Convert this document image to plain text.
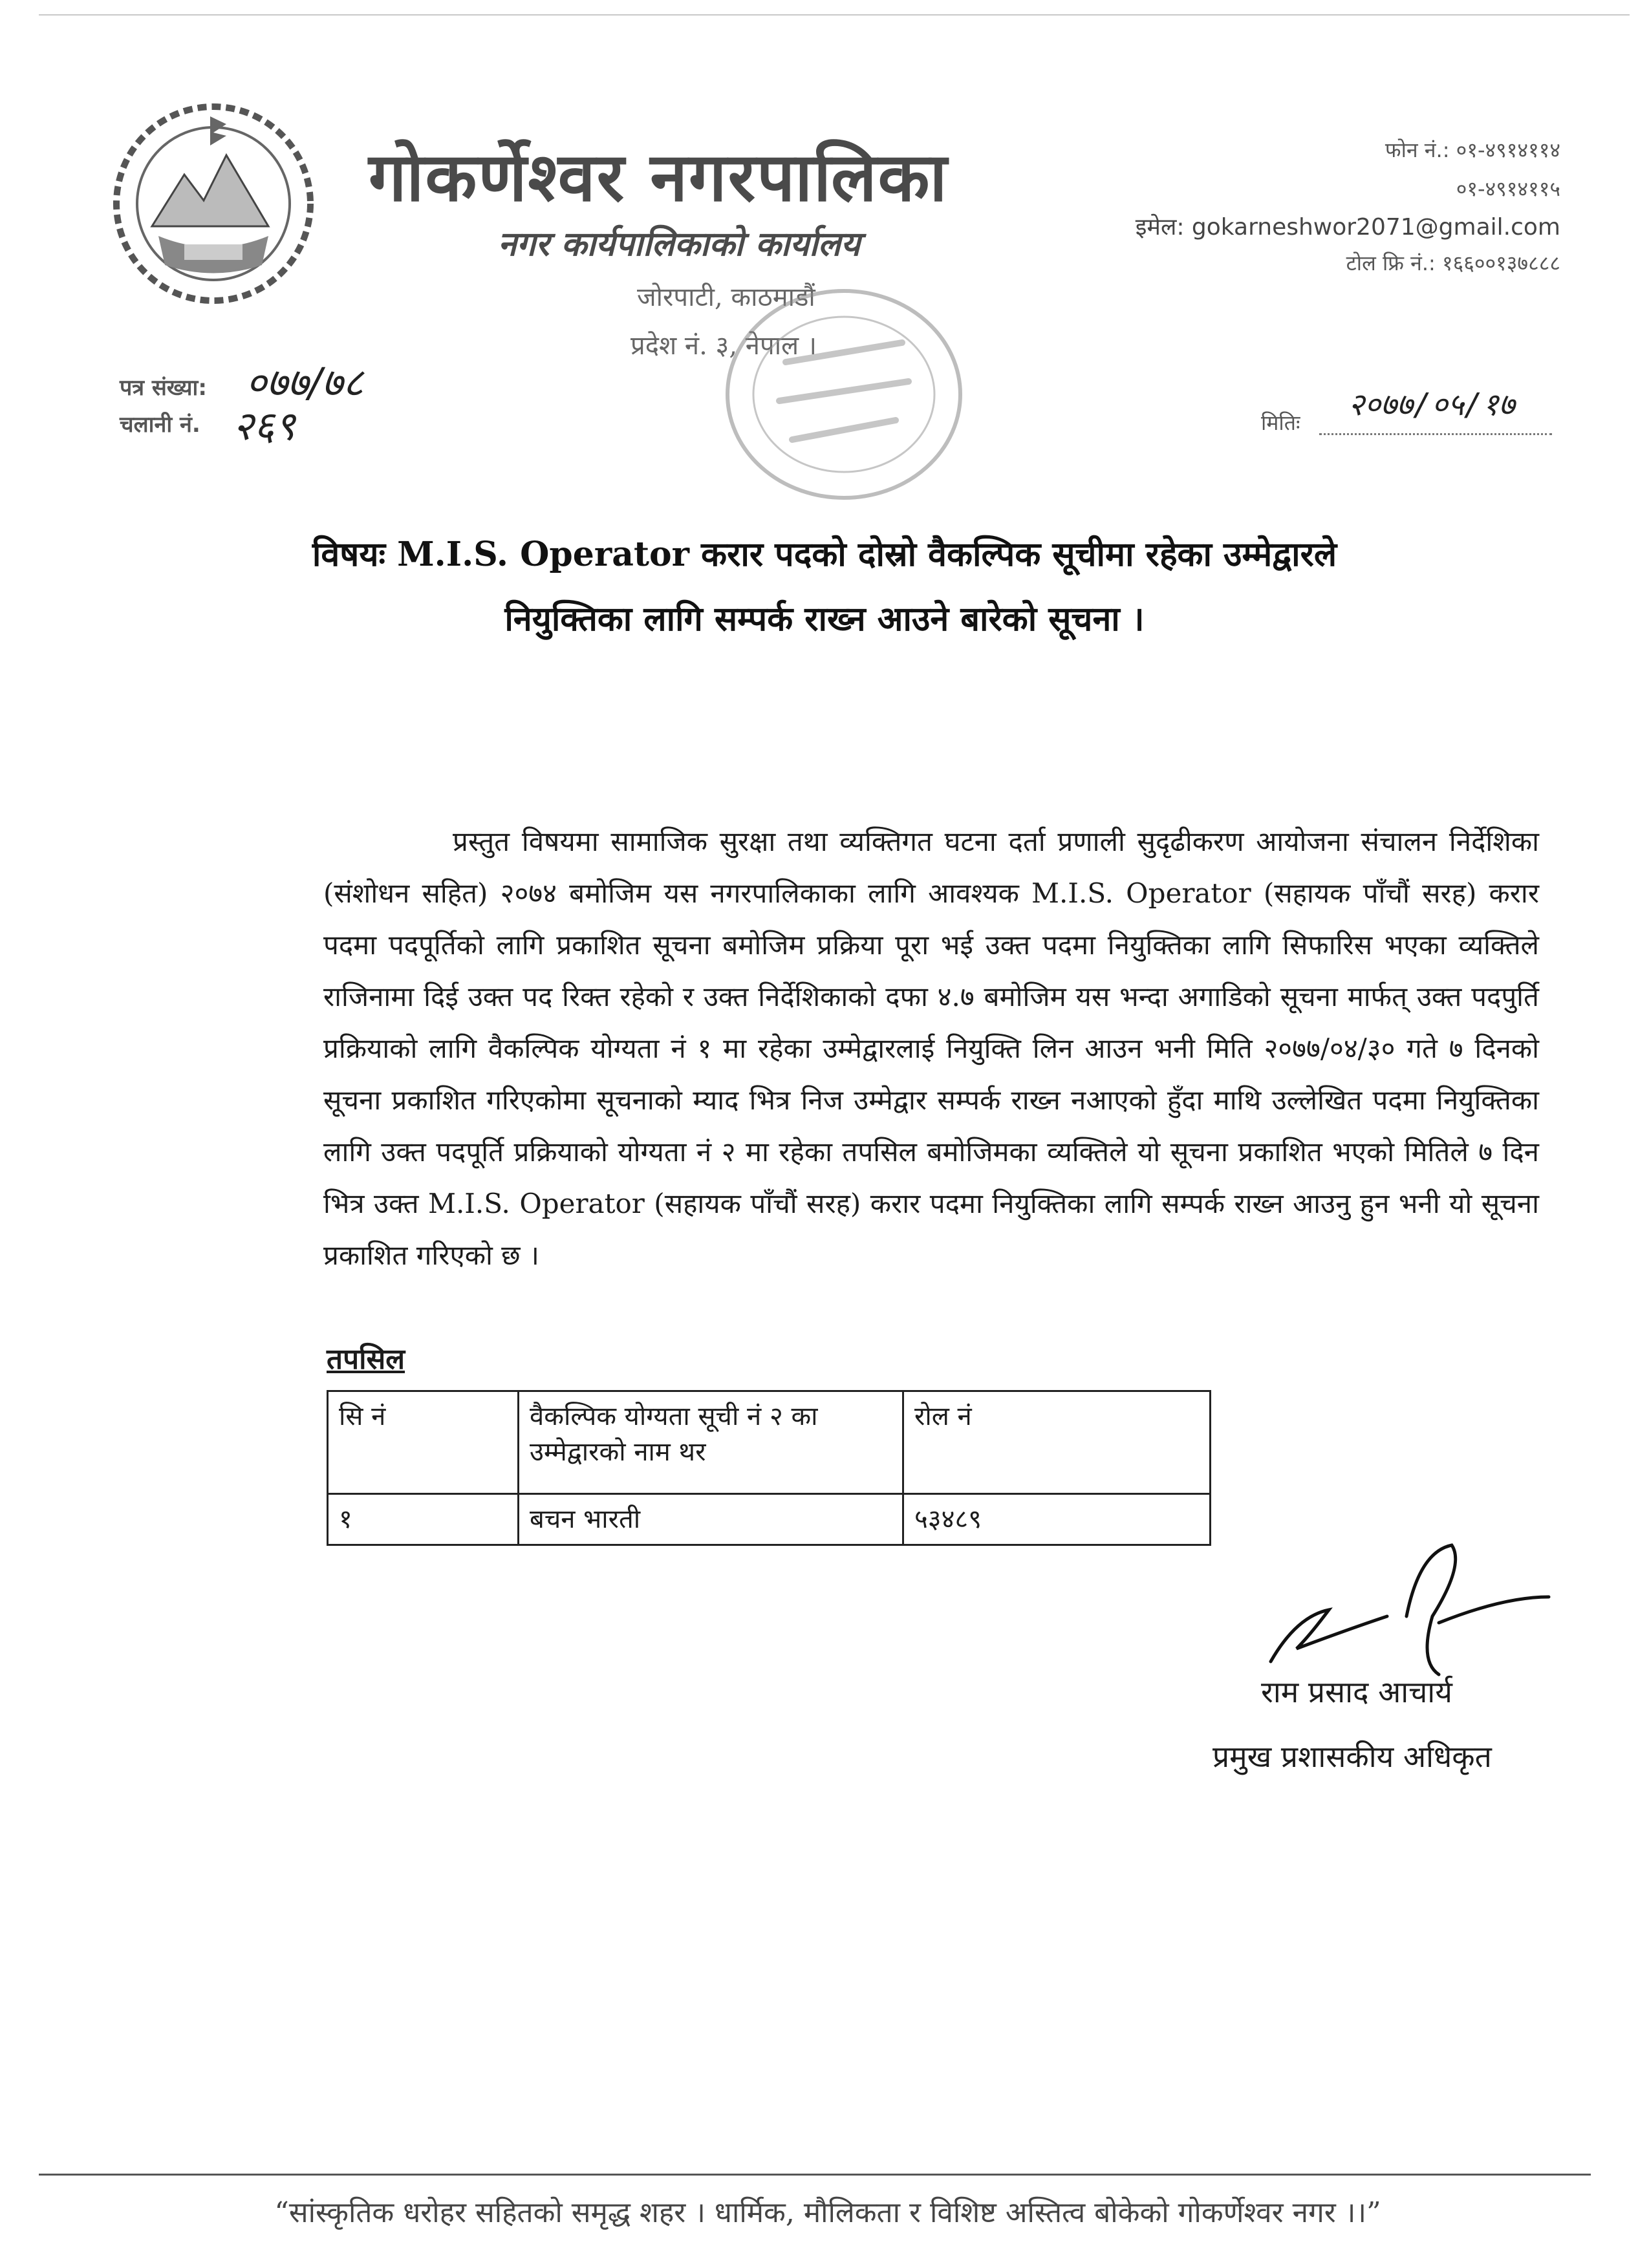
गोकर्णेश्वर नगरपालिका
नगर कार्यपालिकाको कार्यालय
जोरपाटी, काठमाडौं
प्रदेश नं. ३, नेपाल ।
फोन नं.: ०१-४९१४११४
०१-४९१४११५
इमेल: gokarneshwor2071@gmail.com
टोल फ्रि नं.: १६६००१३७८८८
पत्र संख्या: ०७७/७८
चलानी नं. २६९	२०७७/०५/१७
मितिः
विषयः M.I.S. Operator करार पदको दोस्रो वैकल्पिक सूचीमा रहेका उम्मेद्वारले
नियुक्तिका लागि सम्पर्क राख्न आउने बारेको सूचना ।

प्रस्तुत विषयमा सामाजिक सुरक्षा तथा व्यक्तिगत घटना दर्ता प्रणाली सुदृढीकरण आयोजना संचालन निर्देशिका (संशोधन सहित) २०७४ बमोजिम यस नगरपालिकाका लागि आवश्यक M.I.S. Operator (सहायक पाँचौं सरह) करार पदमा पदपूर्तिको लागि प्रकाशित सूचना बमोजिम प्रक्रिया पूरा भई उक्त पदमा नियुक्तिका लागि सिफारिस भएका व्यक्तिले राजिनामा दिई उक्त पद रिक्त रहेको र उक्त निर्देशिकाको दफा ४.७ बमोजिम यस भन्दा अगाडिको सूचना मार्फत् उक्त पदपुर्ति प्रक्रियाको लागि वैकल्पिक योग्यता नं १ मा रहेका उम्मेद्वारलाई नियुक्ति लिन आउन भनी मिति २०७७/०४/३० गते ७ दिनको सूचना प्रकाशित गरिएकोमा सूचनाको म्याद भित्र निज उम्मेद्वार सम्पर्क राख्न नआएको हुँदा माथि उल्लेखित पदमा नियुक्तिका लागि उक्त पदपूर्ति प्रक्रियाको योग्यता नं २ मा रहेका तपसिल बमोजिमका व्यक्तिले यो सूचना प्रकाशित भएको मितिले ७ दिन भित्र उक्त M.I.S. Operator (सहायक पाँचौं सरह) करार पदमा नियुक्तिका लागि सम्पर्क राख्न आउनु हुन भनी यो सूचना प्रकाशित गरिएको छ ।

तपसिल
सि नं	वैकल्पिक योग्यता सूची नं २ का उम्मेद्वारको नाम थर	रोल नं
१	बचन भारती	५३४८९
राम प्रसाद आचार्य
प्रमुख प्रशासकीय अधिकृत
“सांस्कृतिक धरोहर सहितको समृद्ध शहर । धार्मिक, मौलिकता र विशिष्ट अस्तित्व बोकेको गोकर्णेश्वर नगर ।।”
